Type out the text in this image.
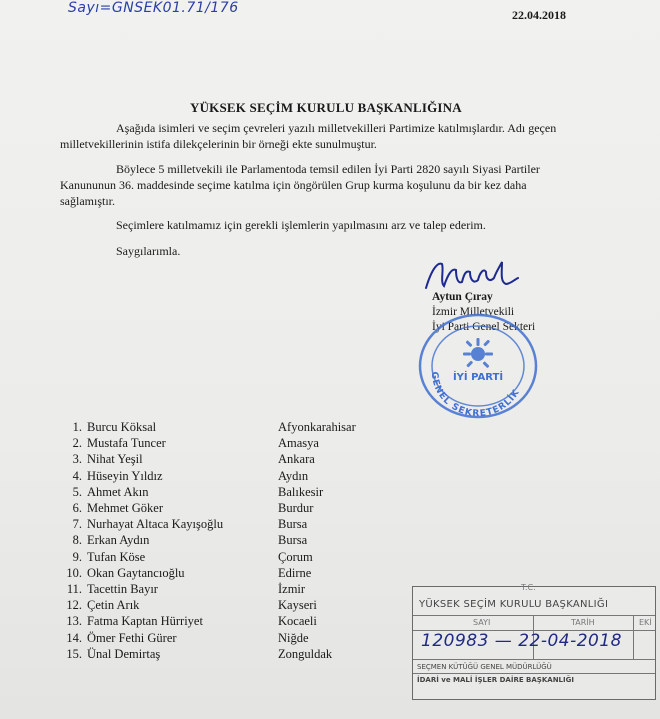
Sayı=GNSEK01.71/176	22.04.2018
YÜKSEK SEÇİM KURULU BAŞKANLIĞINA
Aşağıda isimleri ve seçim çevreleri yazılı milletvekilleri Partimize katılmışlardır. Adı geçen milletvekillerinin istifa dilekçelerinin bir örneği ekte sunulmuştur.
Böylece 5 milletvekili ile Parlamentoda temsil edilen İyi Parti 2820 sayılı Siyasi Partiler Kanununun 36. maddesinde seçime katılma için öngörülen Grup kurma koşulunu da bir kez daha sağlamıştır.
Seçimlere katılmamız için gerekli işlemlerin yapılmasını arz ve talep ederim.
Saygılarımla.
Aytun Çıray
İzmir Milletvekili
İyi Parti Genel Sekteri
İYİ PARTİ
GENEL SEKRETERLİK
1. Burcu Köksal	Afyonkarahisar
2. Mustafa Tuncer	Amasya
3. Nihat Yeşil	Ankara
4. Hüseyin Yıldız	Aydın
5. Ahmet Akın	Balıkesir
6. Mehmet Göker	Burdur
7. Nurhayat Altaca Kayışoğlu	Bursa
8. Erkan Aydın	Bursa
9. Tufan Köse	Çorum
10. Okan Gaytancıoğlu	Edirne
11. Tacettin Bayır	İzmir
12. Çetin Arık	Kayseri
13. Fatma Kaptan Hürriyet	Kocaeli
14. Ömer Fethi Gürer	Niğde
15. Ünal Demirtaş	Zonguldak
T.C.
YÜKSEK SEÇİM KURULU BAŞKANLIĞI
SAYI	TARİH	EKİ
120983 — 22-04-2018
SEÇMEN KÜTÜĞÜ GENEL MÜDÜRLÜĞÜ
İDARİ ve MALİ İŞLER DAİRE BAŞKANLIĞI
